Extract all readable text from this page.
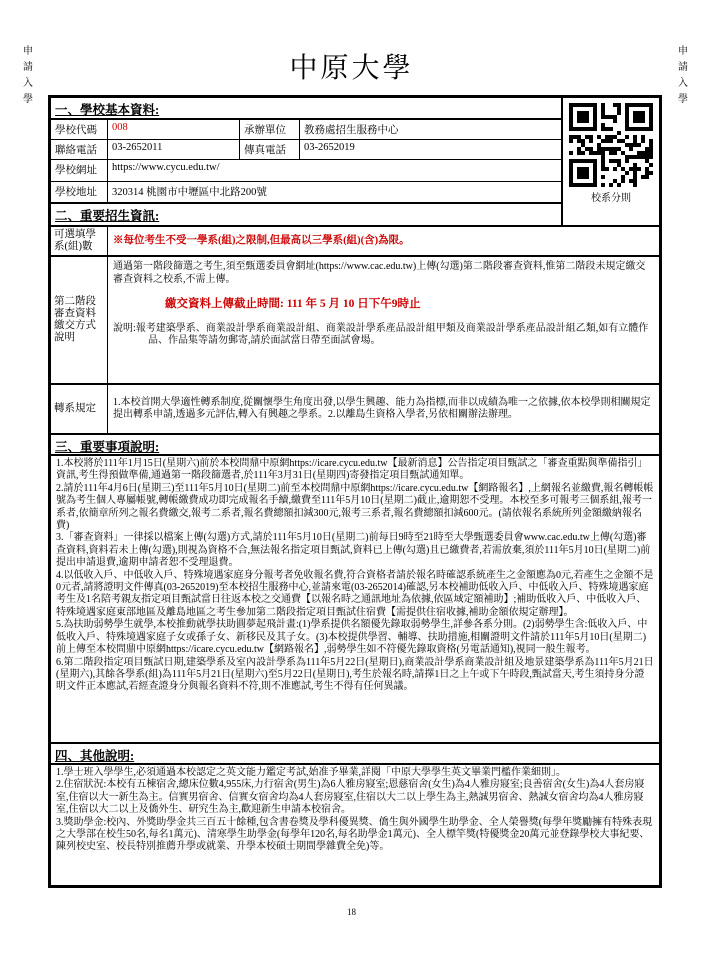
申請入學
申請入學
中原大學
一、學校基本資料:
學校代碼	008	承辦單位	教務處招生服務中心
聯絡電話	03-2652011	傳真電話	03-2652019
學校網址	https://www.cycu.edu.tw/
學校地址	320314 桃園市中壢區中北路200號
二、重要招生資訊:
校系分則
可選填學系(組)數
※每位考生不受一學系(組)之限制,但最高以三學系(組)(含)為限。
第二階段審查資料繳交方式說明

通過第一階段篩選之考生,須至甄選委員會網址(https://www.cac.edu.tw)上傳(勾選)第二階段審查資料,惟第二階段未規定繳交審查資料之校系,不需上傳。

繳交資料上傳截止時間: 111 年 5 月 10 日下午9時止

說明:報考建築學系、商業設計學系商業設計組、商業設計學系產品設計組甲類及商業設計學系產品設計組乙類,如有立體作品、作品集等請勿郵寄,請於面試當日帶至面試會場。

轉系規定

1.本校首開大學適性轉系制度,從關懷學生角度出發,以學生興趣、能力為指標,而非以成績為唯一之依據,依本校學則相關規定提出轉系申請,透過多元評估,轉入有興趣之學系。2.以離島生資格入學者,另依相關辦法辦理。

三、重要事項說明:

1.本校將於111年1月15日(星期六)前於本校問鼎中原網https://icare.cycu.edu.tw【最新消息】公告指定項目甄試之「審查重點與準備指引」資訊,考生得預做準備,通過第一階段篩選者,於111年3月31日(星期四)寄發指定項目甄試通知單。

2.請於111年4月6日(星期三)至111年5月10日(星期二)前至本校問鼎中原網https://icare.cycu.edu.tw【網路報名】,上網報名並繳費,報名轉帳帳號為考生個人專屬帳號,轉帳繳費成功即完成報名手續,繳費至111年5月10日(星期二)截止,逾期恕不受理。本校至多可報考三個系組,報考一系者,依簡章所列之報名費繳交,報考二系者,報名費總額扣減300元,報考三系者,報名費總額扣減600元。(請依報名系統所列金額繳納報名費)

3.「審查資料」一律採以檔案上傳(勾選)方式,請於111年5月10日(星期二)前每日9時至21時至大學甄選委員會www.cac.edu.tw上傳(勾選)審查資料,資料若未上傳(勾選),則視為資格不合,無法報名指定項目甄試,資料已上傳(勾選)且已繳費者,若需放棄,須於111年5月10日(星期二)前提出申請退費,逾期申請者恕不受理退費。

4.以低收入戶、中低收入戶、特殊境遇家庭身分報考者免收報名費,符合資格者請於報名時確認系統產生之金額應為0元,若產生之金額不是0元者,請將證明文件傳真(03-2652019)至本校招生服務中心,並請來電(03-2652014)確認,另本校補助低收入戶、中低收入戶、特殊境遇家庭考生及1名陪考親友指定項目甄試當日往返本校之交通費【以報名時之通訊地址為依據,依區域定額補助】;補助低收入戶、中低收入戶、特殊境遇家庭東部地區及離島地區之考生參加第二階段指定項目甄試住宿費【需提供住宿收據,補助金額依規定辦理】。

5.為扶助弱勢學生就學,本校推動就學扶助圓夢起飛計畫:(1)學系提供名額優先錄取弱勢學生,詳參各系分則。(2)弱勢學生含:低收入戶、中低收入戶、特殊境遇家庭子女或孫子女、新移民及其子女。(3)本校提供學習、輔導、扶助措施,相關證明文件請於111年5月10日(星期二)前上傳至本校問鼎中原網https://icare.cycu.edu.tw【網路報名】,弱勢學生如不符優先錄取資格(另電話通知),視同一般生報考。

6.第二階段指定項目甄試日期,建築學系及室內設計學系為111年5月22日(星期日),商業設計學系商業設計組及地景建築學系為111年5月21日(星期六),其餘各學系(組)為111年5月21日(星期六)至5月22日(星期日),考生於報名時,請擇1日之上午或下午時段,甄試當天,考生須持身分證明文件正本應試,若經查證身分與報名資料不符,則不准應試,考生不得有任何異議。

四、其他說明:

1.學士班入學學生,必須通過本校認定之英文能力鑑定考試,始准予畢業,詳閱「中原大學學生英文畢業門檻作業細則」。

2.住宿狀況:本校有五棟宿舍,總床位數4,955床,力行宿舍(男生)為6人雅房寢室;恩慈宿舍(女生)為4人雅房寢室;良善宿舍(女生)為4人套房寢室,住宿以大一新生為主。信實男宿舍、信實女宿舍均為4人套房寢室,住宿以大二以上學生為主,熱誠男宿舍、熱誠女宿舍均為4人雅房寢室,住宿以大二以上及僑外生、研究生為主,歡迎新生申請本校宿舍。

3.獎助學金:校內、外獎助學金共三百五十餘種,包含書卷獎及學科優異獎、僑生與外國學生助學金、全人榮譽獎(每學年獎勵擁有特殊表現之大學部在校生50名,每名1萬元)、清寒學生助學金(每學年120名,每名助學金1萬元)、全人標竿獎(特優獎金20萬元並登錄學校大事紀要、陳列校史室、校長特別推薦升學或就業、升學本校碩士期間學雜費全免)等。

18
